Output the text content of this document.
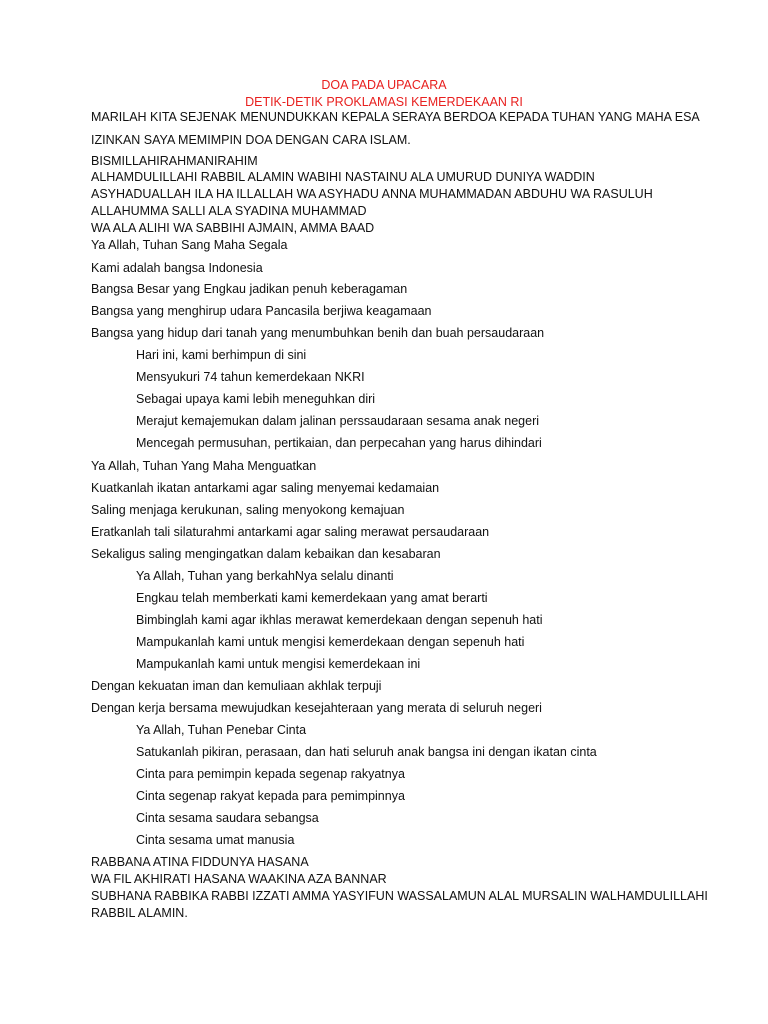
DOA PADA UPACARA
DETIK-DETIK PROKLAMASI KEMERDEKAAN RI
MARILAH KITA SEJENAK MENUNDUKKAN KEPALA SERAYA BERDOA KEPADA TUHAN YANG MAHA ESA
IZINKAN SAYA MEMIMPIN DOA DENGAN CARA ISLAM.
BISMILLAHIRAHMANIRAHIM
ALHAMDULILLAHI RABBIL ALAMIN WABIHI NASTAINU ALA UMURUD DUNIYA WADDIN
ASYHADUALLAH ILA HA ILLALLAH WA ASYHADU ANNA MUHAMMADAN ABDUHU WA RASULUH
ALLAHUMMA SALLI ALA SYADINA MUHAMMAD
WA ALA ALIHI WA SABBIHI AJMAIN, AMMA BAAD
Ya Allah, Tuhan Sang Maha Segala
Kami adalah bangsa Indonesia
Bangsa Besar yang Engkau jadikan penuh keberagaman
Bangsa yang menghirup udara Pancasila berjiwa keagamaan
Bangsa yang hidup dari tanah yang menumbuhkan benih dan buah persaudaraan
Hari ini, kami berhimpun di sini
Mensyukuri 74 tahun kemerdekaan NKRI
Sebagai upaya kami lebih meneguhkan diri
Merajut kemajemukan dalam jalinan perssaudaraan sesama anak negeri
Mencegah permusuhan, pertikaian, dan perpecahan yang harus dihindari
Ya Allah, Tuhan Yang Maha Menguatkan
Kuatkanlah ikatan antarkami agar saling menyemai kedamaian
Saling menjaga kerukunan, saling menyokong kemajuan
Eratkanlah tali silaturahmi antarkami agar saling merawat persaudaraan
Sekaligus saling mengingatkan dalam kebaikan dan kesabaran
Ya Allah, Tuhan yang berkahNya selalu dinanti
Engkau telah memberkati kami kemerdekaan yang amat berarti
Bimbinglah kami agar ikhlas merawat kemerdekaan dengan sepenuh hati
Mampukanlah kami untuk mengisi kemerdekaan dengan sepenuh hati
Mampukanlah kami untuk mengisi kemerdekaan ini
Dengan kekuatan iman dan kemuliaan akhlak terpuji
Dengan kerja bersama mewujudkan kesejahteraan yang merata di seluruh negeri
Ya Allah, Tuhan Penebar Cinta
Satukanlah pikiran, perasaan, dan hati seluruh anak bangsa ini dengan ikatan cinta
Cinta para pemimpin kepada segenap rakyatnya
Cinta segenap rakyat kepada para pemimpinnya
Cinta sesama saudara sebangsa
Cinta sesama umat manusia
RABBANA ATINA FIDDUNYA HASANA
WA FIL AKHIRATI HASANA WAAKINA AZA BANNAR
SUBHANA RABBIKA RABBI IZZATI AMMA YASYIFUN WASSALAMUN ALAL MURSALIN WALHAMDULILLAHI
RABBIL ALAMIN.
